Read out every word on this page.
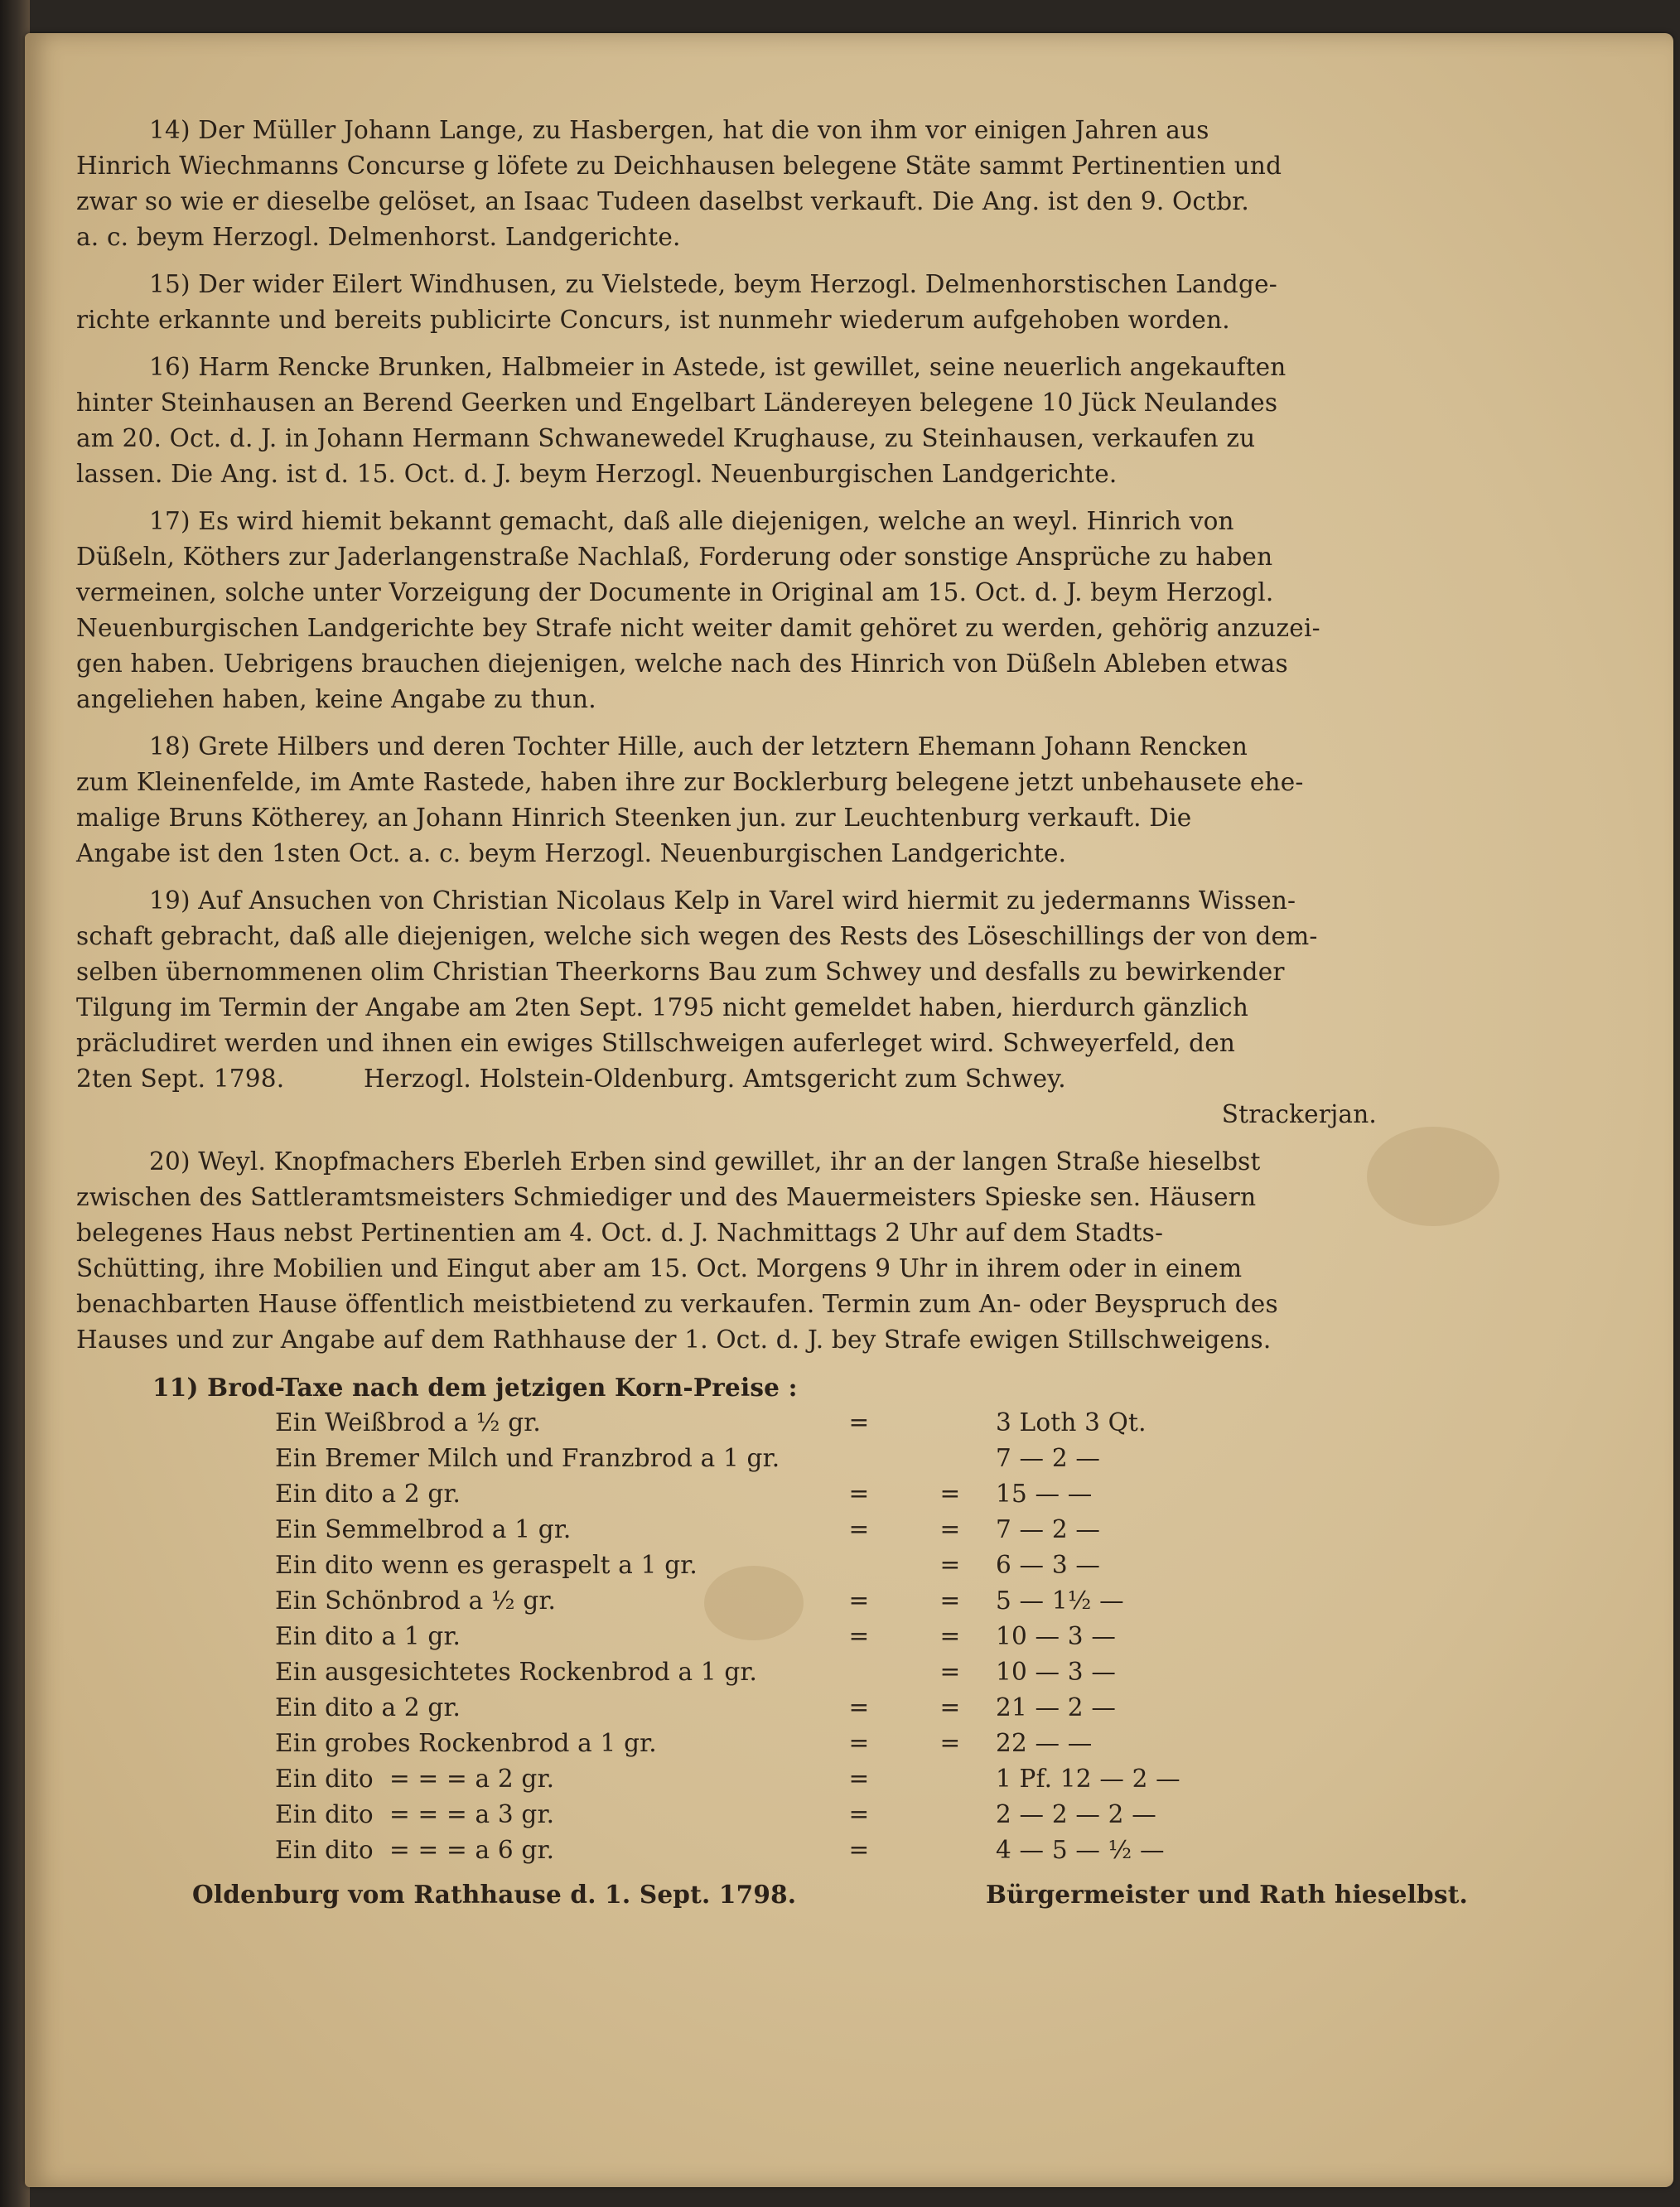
14) Der Müller Johann Lange, zu Hasbergen, hat die von ihm vor einigen Jahren aus
Hinrich Wiechmanns Concurse g löfete zu Deichhausen belegene Stäte sammt Pertinentien und
zwar so wie er dieselbe gelöset, an Isaac Tudeen daselbst verkauft. Die Ang. ist den 9. Octbr.
a. c. beym Herzogl. Delmenhorst. Landgerichte.
15) Der wider Eilert Windhusen, zu Vielstede, beym Herzogl. Delmenhorstischen Landge-
richte erkannte und bereits publicirte Concurs, ist nunmehr wiederum aufgehoben worden.
16) Harm Rencke Brunken, Halbmeier in Astede, ist gewillet, seine neuerlich angekauften
hinter Steinhausen an Berend Geerken und Engelbart Ländereyen belegene 10 Jück Neulandes
am 20. Oct. d. J. in Johann Hermann Schwanewedel Krughause, zu Steinhausen, verkaufen zu
lassen. Die Ang. ist d. 15. Oct. d. J. beym Herzogl. Neuenburgischen Landgerichte.
17) Es wird hiemit bekannt gemacht, daß alle diejenigen, welche an weyl. Hinrich von
Düßeln, Köthers zur Jaderlangenstraße Nachlaß, Forderung oder sonstige Ansprüche zu haben
vermeinen, solche unter Vorzeigung der Documente in Original am 15. Oct. d. J. beym Herzogl.
Neuenburgischen Landgerichte bey Strafe nicht weiter damit gehöret zu werden, gehörig anzuzei-
gen haben. Uebrigens brauchen diejenigen, welche nach des Hinrich von Düßeln Ableben etwas
angeliehen haben, keine Angabe zu thun.
18) Grete Hilbers und deren Tochter Hille, auch der letztern Ehemann Johann Rencken
zum Kleinenfelde, im Amte Rastede, haben ihre zur Bocklerburg belegene jetzt unbehausete ehe-
malige Bruns Kötherey, an Johann Hinrich Steenken jun. zur Leuchtenburg verkauft. Die
Angabe ist den 1sten Oct. a. c. beym Herzogl. Neuenburgischen Landgerichte.
19) Auf Ansuchen von Christian Nicolaus Kelp in Varel wird hiermit zu jedermanns Wissen-
schaft gebracht, daß alle diejenigen, welche sich wegen des Rests des Löseschillings der von dem-
selben übernommenen olim Christian Theerkorns Bau zum Schwey und desfalls zu bewirkender
Tilgung im Termin der Angabe am 2ten Sept. 1795 nicht gemeldet haben, hierdurch gänzlich
präcludiret werden und ihnen ein ewiges Stillschweigen auferleget wird. Schweyerfeld, den
2ten Sept. 1798.          Herzogl. Holstein-Oldenburg. Amtsgericht zum Schwey.
Strackerjan.
20) Weyl. Knopfmachers Eberleh Erben sind gewillet, ihr an der langen Straße hieselbst
zwischen des Sattleramtsmeisters Schmiediger und des Mauermeisters Spieske sen. Häusern
belegenes Haus nebst Pertinentien am 4. Oct. d. J. Nachmittags 2 Uhr auf dem Stadts-
Schütting, ihre Mobilien und Eingut aber am 15. Oct. Morgens 9 Uhr in ihrem oder in einem
benachbarten Hause öffentlich meistbietend zu verkaufen. Termin zum An- oder Beyspruch des
Hauses und zur Angabe auf dem Rathhause der 1. Oct. d. J. bey Strafe ewigen Stillschweigens.
11) Brod-Taxe nach dem jetzigen Korn-Preise :
Ein Weißbrod a ½ gr.	=		3 Loth 3 Qt.
Ein Bremer Milch und Franzbrod a 1 gr.			7 — 2 —
Ein dito a 2 gr.	=	=	15 — —
Ein Semmelbrod a 1 gr.	=	=	7 — 2 —
Ein dito wenn es geraspelt a 1 gr.		=	6 — 3 —
Ein Schönbrod a ½ gr.	=	=	5 — 1½ —
Ein dito a 1 gr.	=	=	10 — 3 —
Ein ausgesichtetes Rockenbrod a 1 gr.		=	10 — 3 —
Ein dito a 2 gr.	=	=	21 — 2 —
Ein grobes Rockenbrod a 1 gr.	=	=	22 — —
Ein dito  = = = a 2 gr.	=		1 Pf. 12 — 2 —
Ein dito  = = = a 3 gr.	=		2 — 2 — 2 —
Ein dito  = = = a 6 gr.	=		4 — 5 — ½ —
Oldenburg vom Rathhause d. 1. Sept. 1798.	Bürgermeister und Rath hieselbst.
